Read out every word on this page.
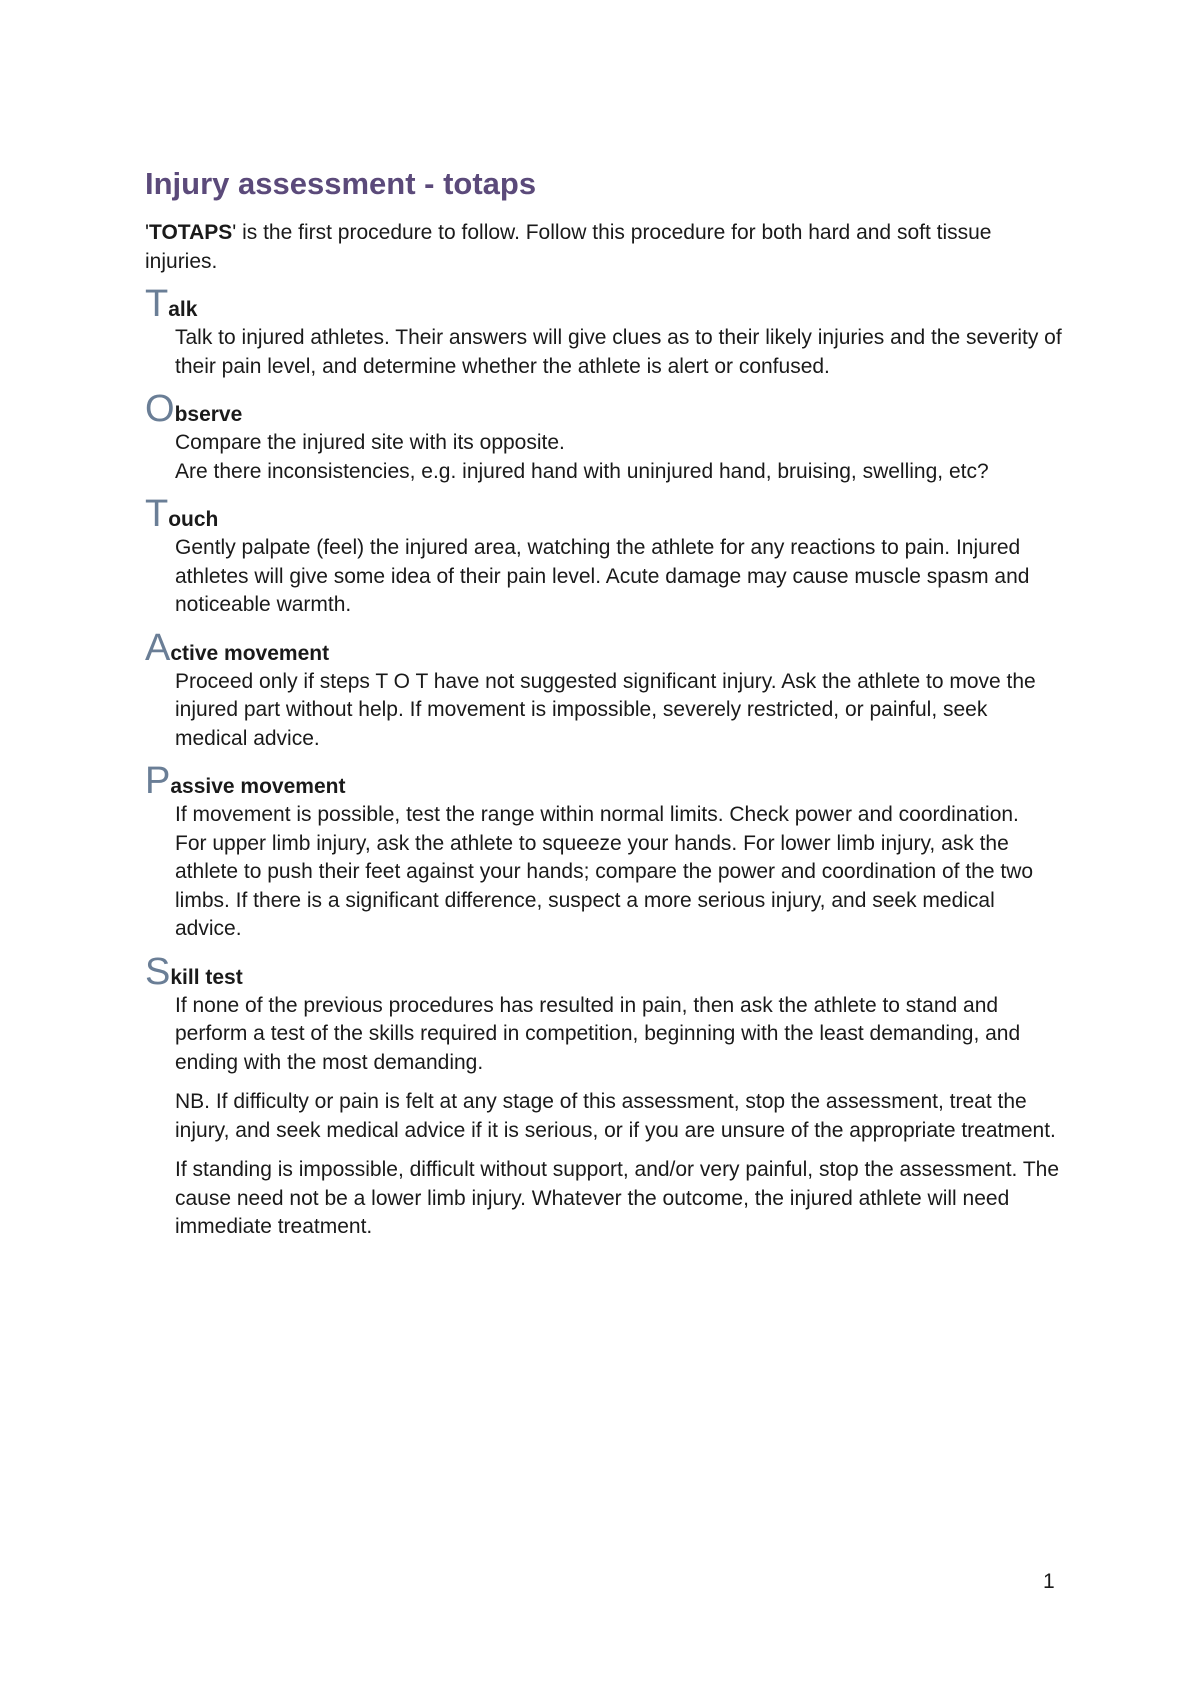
Injury assessment - totaps

'TOTAPS' is the first procedure to follow. Follow this procedure for both hard and soft tissue injuries.

T alk

Talk to injured athletes. Their answers will give clues as to their likely injuries and the severity of their pain level, and determine whether the athlete is alert or confused.

O bserve

Compare the injured site with its opposite.

Are there inconsistencies, e.g. injured hand with uninjured hand, bruising, swelling, etc?

T ouch

Gently palpate (feel) the injured area, watching the athlete for any reactions to pain. Injured athletes will give some idea of their pain level. Acute damage may cause muscle spasm and noticeable warmth.

A ctive movement

Proceed only if steps T O T have not suggested significant injury. Ask the athlete to move the injured part without help. If movement is impossible, severely restricted, or painful, seek medical advice.

P assive movement

If movement is possible, test the range within normal limits. Check power and coordination.   For upper limb injury, ask the athlete to squeeze your hands. For lower limb injury, ask the athlete to push their feet against your hands; compare the power and coordination of the two limbs. If there is a significant difference, suspect a more serious injury, and seek medical advice.

S kill test

If none of the previous procedures has resulted in pain, then ask the athlete to stand and perform a test of the skills required in competition, beginning with the least demanding, and ending with the most demanding.

NB. If difficulty or pain is felt at any stage of this assessment, stop the assessment, treat the injury, and seek medical advice if it is serious, or if you are unsure of the appropriate treatment.

If standing is impossible, difficult without support, and/or very painful, stop the assessment. The cause need not be a lower limb injury. Whatever the outcome, the injured athlete will need immediate treatment.

1
